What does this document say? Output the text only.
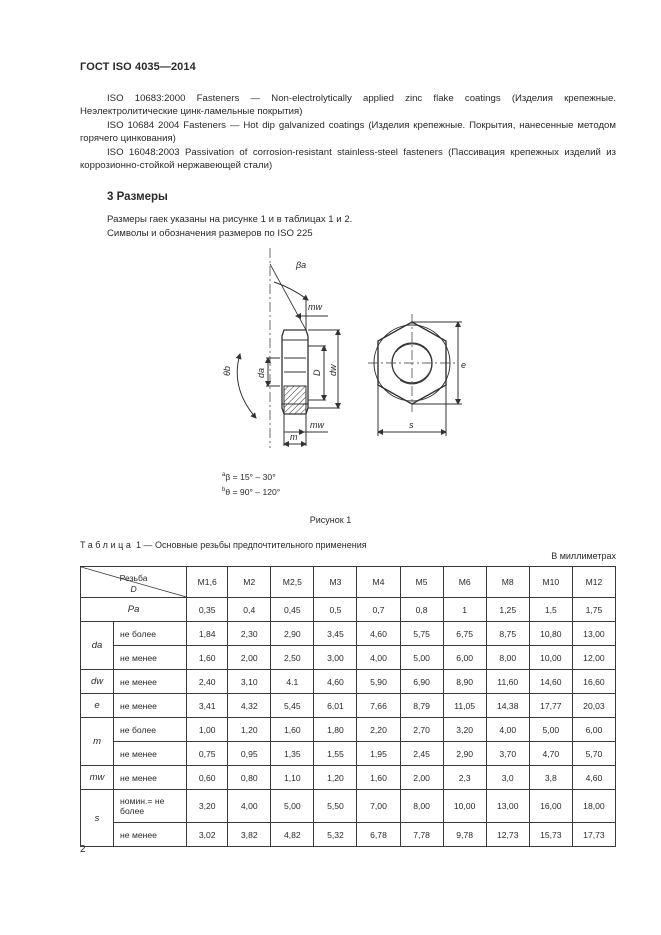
ГОСТ ISO 4035—2014

ISO 10683:2000 Fasteners — Non-electrolytically applied zinc flake coatings (Изделия крепежные. Неэлектролитические цинк-ламельные покрытия)

ISO 10684 2004 Fasteners — Hot dip galvanized coatings (Изделия крепежные. Покрытия, нанесенные методом горячего цинкования)

ISO 16048:2003 Passivation of corrosion-resistant stainless-steel fasteners (Пассивация крепежных изделий из коррозионно-стойкой нержавеющей стали)

3 Размеры
Размеры гаек указаны на рисунке 1 и в таблицах 1 и 2.
Символы и обозначения размеров по ISO 225
βa
mw
θb	da	D dw
mw
m
e
s
$^a$β = 15° – 30°
$^b$θ = 90° – 120°
Рисунок 1
Таблица 1 — Основные резьбы предпочтительного применения
В миллиметрах
Резьба
D		M1,6	M2	M2,5	M3	M4	M5	M6	M8	M10	M12
Pa		0,35	0,4	0,45	0,5	0,7	0,8	1	1,25	1,5	1,75
da	не более	1,84	2,30	2,90	3,45	4,60	5,75	6,75	8,75	10,80	13,00
	не менее	1,60	2,00	2,50	3,00	4,00	5,00	6,00	8,00	10,00	12,00
dw	не менее	2,40	3,10	4.1	4,60	5,90	6,90	8,90	11,60	14,60	16,60
e	не менее	3,41	4,32	5,45	6,01	7,66	8,79	11,05	14,38	17,77	20,03
m	не более	1,00	1,20	1,60	1,80	2,20	2,70	3,20	4,00	5,00	6,00
	не менее	0,75	0,95	1,35	1,55	1,95	2,45	2,90	3,70	4,70	5,70
mw	не менее	0,60	0,80	1,10	1,20	1,60	2,00	2,3	3,0	3,8	4,60
s	номин.= не более	3,20	4,00	5,00	5,50	7,00	8,00	10,00	13,00	16,00	18,00
	не менее	3,02	3,82	4,82	5,32	6,78	7,78	9,78	12,73	15,73	17,73
2
